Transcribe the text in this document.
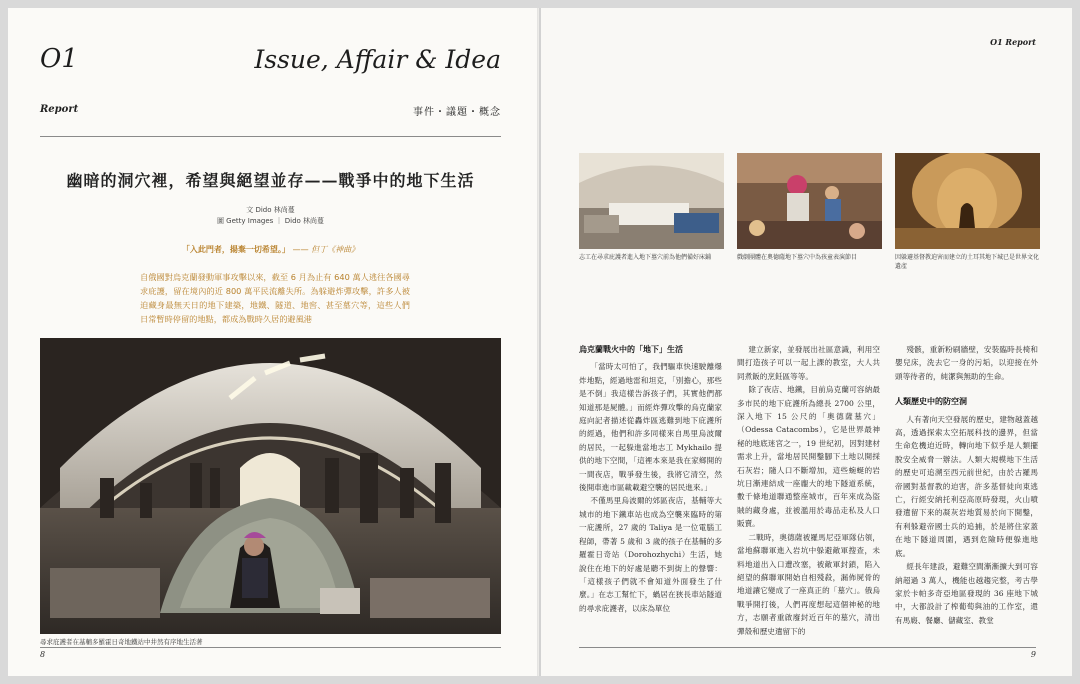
O1	Issue, Affair & Idea
Report	事件・議題・概念
幽暗的洞穴裡，希望與絕望並存——戰爭中的地下生活
文 Dido 林尚蔓
圖 Getty Images ｜ Dido 林尚蔓
「入此門者，揚棄一切希望。」 —— 但丁《神曲》
自俄國對烏克蘭發動軍事攻擊以來，截至 6 月為止有 640 萬人逃往各國尋求庇護，留在境內的近 800 萬平民流離失所。為躲避炸彈攻擊，許多人被迫藏身最無天日的地下建築，地鐵、隧道、地窖、甚至墓穴等，這些人們日常暫時停留的地點，都成為戰時久居的避風港
尋求庇護者在基輔多羅霍日奇地鐵站中井然有序地生活著
8
O1 Report
志工在尋求庇護者進入地下墓穴前為他們備好床鋪	戲劇團體在奧德薩地下墓穴中為孩童表演節目	因躲避基督教迫害而建立的土耳其地下城已是世界文化遺產
烏克蘭戰火中的「地下」生活

「當時太可怕了，我們驅車快速駛離爆炸地點，經過地雷和坦克，「別擔心，那些是不倒」我這樣告訴孩子們，其實他們都知道那是屍體。」而經炸彈攻擊的烏克蘭家庭向記者描述從轟炸區逃難到地下庇護所的經過，他們和許多同樣來自馬里烏波爾的居民，一起躲進當地志工 Mykhailo 提供的地下空間，「這裡本來是我在家鄉開的一間夜店，戰爭發生後，我將它清空，然後開車進市區載載避空襲的居民進來。」

不僅馬里烏波爾的郊區夜店，基輔等大城市的地下鐵車站也成為空襲來臨時的第一庇護所，27 歲的 Taliya 是一位電腦工程師，帶著 5 歲和 3 歲的孩子在基輔的多羅霍日奇站（Dorohozhychi）生活，她說住在地下的好處是聽不到街上的聲響：「這樣孩子們就不會知道外面發生了什麼。」在志工幫忙下，蝸居在狹長車站隧道的尋求庇護者，以床為單位

建立新家，並發展出社區意識，利用空間打造孩子可以一起上課的教室，大人共同煮飯的烹飪區等等。

除了夜店、地鐵，目前烏克蘭可容納最多市民的地下庇護所為總長 2700 公里，深入地下 15 公尺的「奧德薩墓穴」（Odessa Catacombs），它是世界最神秘的地底迷宮之一，19 世紀初，因對建材需求上升，當地居民開鑿腳下土地以開採石灰岩；隨人口不斷增加，這些蜿蜒的岩坑日漸連結成一座龐大的地下隧道系統，數千條地道聯通整座城市，百年來成為盜賊的藏身處，並被濫用於毒品走私及人口販賣。

二戰時，奧德薩被羅馬尼亞軍隊佔領，當地蘇聯軍進入岩坑中躲避敵軍搜查，未料地道出入口遭改塞，被敵軍封鎖，陷入絕望的蘇聯軍開始自相殘殺，漏佈屍骨的地道讓它變成了一座真正的「墓穴」。俄烏戰爭開打後，人們再度想起這個神秘的地方，志願者重啟廢封近百年的墓穴，清出彈殼和歷史遺留下的

殘骸，重新粉刷牆壁，安裝臨時長椅和嬰兒床，洗去它一身的污垢，以迎接在外頭等待者的，純潔與無助的生命。

人類歷史中的防空洞

人有著向天空發展的歷史，建物越蓋越高，透過探索太空拓展科技的邊界，但當生命危機迫近時，轉向地下似乎是人類擺脫安全威脅一辦法。人類大規模地下生活的歷史可追溯至西元前世紀，由於古羅馬帝國對基督教的迫害，許多基督徒向東逃亡，行經安納托利亞高原時發現，火山噴發遺留下來的凝灰岩地質易於向下開鑿，有利躲避帝國士兵的追捕，於是將住家蓋在地下隧道周圍，遇到危險時便躲進地底。

經長年建設，避難空間漸漸擴大到可容納超過 3 萬人，機能也越趨完整，考古學家於卡帕多奇亞地區發現的 36 座地下城中，大都設計了榨葡萄與油的工作室，還有馬廄、餐廳、儲藏室、教堂

9
